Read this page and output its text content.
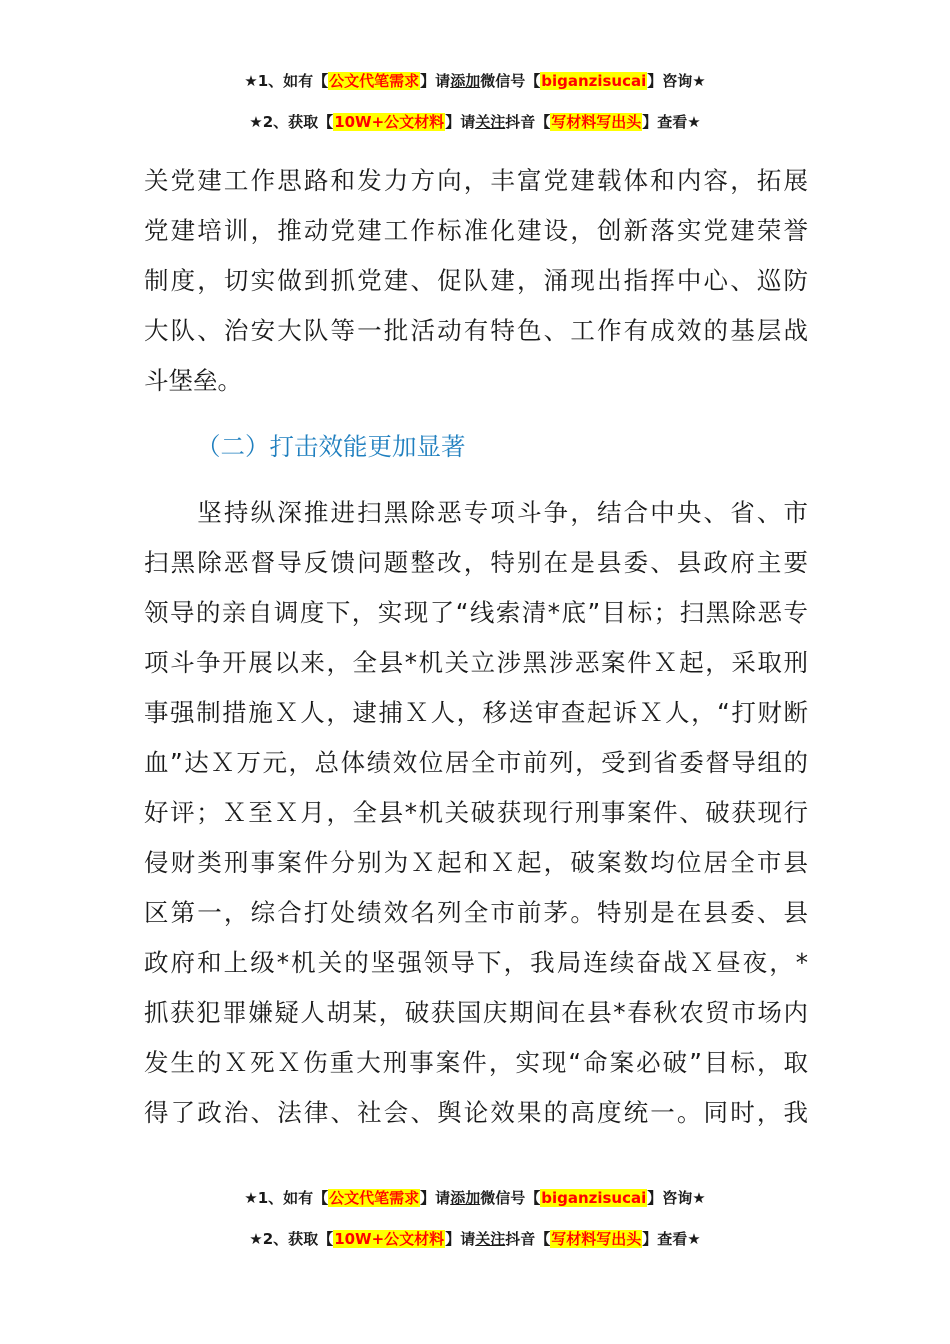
★1、如有【公文代笔需求】请添加微信号【biganzisucai】咨询★
★2、获取【10W+公文材料】请关注抖音【写材料写出头】查看★
关党建工作思路和发力方向，丰富党建载体和内容，拓展
党建培训，推动党建工作标准化建设，创新落实党建荣誉
制度，切实做到抓党建、促队建，涌现出指挥中心、巡防
大队、治安大队等一批活动有特色、工作有成效的基层战
斗堡垒。
（二）打击效能更加显著
　　坚持纵深推进扫黑除恶专项斗争，结合中央、省、市
扫黑除恶督导反馈问题整改，特别在是县委、县政府主要
领导的亲自调度下，实现了“线索清*底”目标；扫黑除恶专
项斗争开展以来，全县*机关立涉黑涉恶案件Ｘ起，采取刑
事强制措施Ｘ人，逮捕Ｘ人，移送审查起诉Ｘ人，“打财断
血”达Ｘ万元，总体绩效位居全市前列，受到省委督导组的
好评；Ｘ至Ｘ月，全县*机关破获现行刑事案件、破获现行
侵财类刑事案件分别为Ｘ起和Ｘ起，破案数均位居全市县
区第一，综合打处绩效名列全市前茅。特别是在县委、县
政府和上级*机关的坚强领导下，我局连续奋战Ｘ昼夜，*
抓获犯罪嫌疑人胡某，破获国庆期间在县*春秋农贸市场内
发生的Ｘ死Ｘ伤重大刑事案件，实现“命案必破”目标，取
得了政治、法律、社会、舆论效果的高度统一。同时，我
★1、如有【公文代笔需求】请添加微信号【biganzisucai】咨询★
★2、获取【10W+公文材料】请关注抖音【写材料写出头】查看★
